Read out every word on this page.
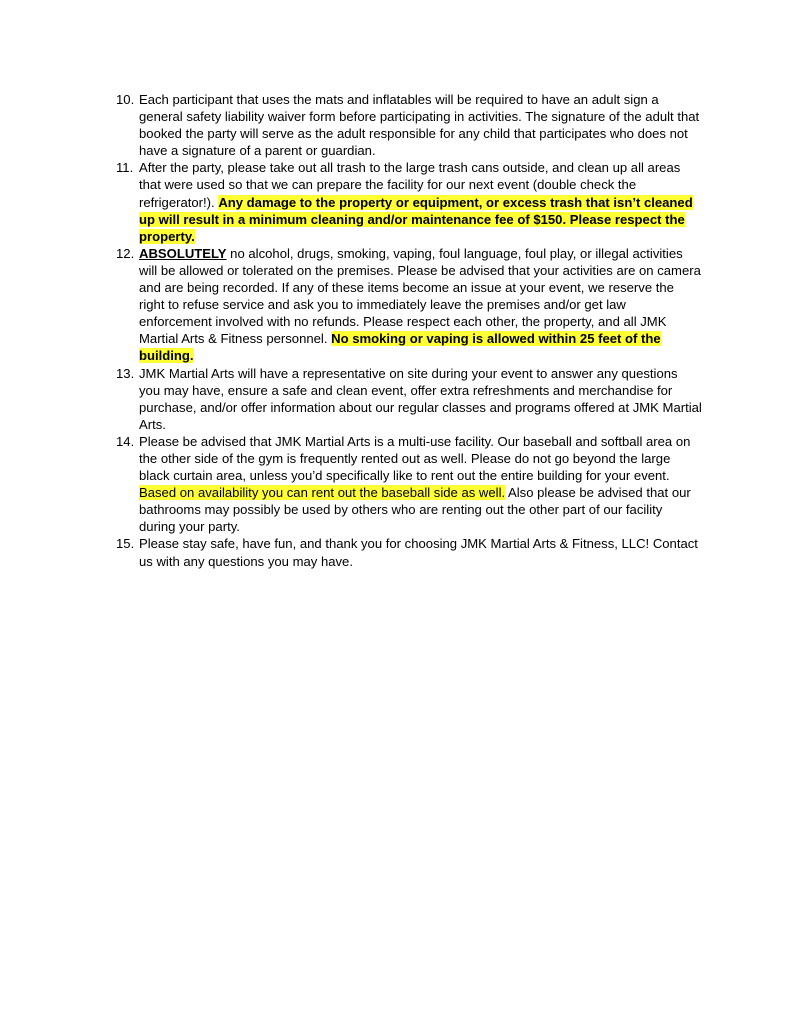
10. Each participant that uses the mats and inflatables will be required to have an adult sign a general safety liability waiver form before participating in activities. The signature of the adult that booked the party will serve as the adult responsible for any child that participates who does not have a signature of a parent or guardian.
11. After the party, please take out all trash to the large trash cans outside, and clean up all areas that were used so that we can prepare the facility for our next event (double check the refrigerator!). Any damage to the property or equipment, or excess trash that isn’t cleaned up will result in a minimum cleaning and/or maintenance fee of $150. Please respect the property.
12. ABSOLUTELY no alcohol, drugs, smoking, vaping, foul language, foul play, or illegal activities will be allowed or tolerated on the premises. Please be advised that your activities are on camera and are being recorded. If any of these items become an issue at your event, we reserve the right to refuse service and ask you to immediately leave the premises and/or get law enforcement involved with no refunds. Please respect each other, the property, and all JMK Martial Arts & Fitness personnel. No smoking or vaping is allowed within 25 feet of the building.
13. JMK Martial Arts will have a representative on site during your event to answer any questions you may have, ensure a safe and clean event, offer extra refreshments and merchandise for purchase, and/or offer information about our regular classes and programs offered at JMK Martial Arts.
14. Please be advised that JMK Martial Arts is a multi-use facility. Our baseball and softball area on the other side of the gym is frequently rented out as well. Please do not go beyond the large black curtain area, unless you’d specifically like to rent out the entire building for your event. Based on availability you can rent out the baseball side as well. Also please be advised that our bathrooms may possibly be used by others who are renting out the other part of our facility during your party.
15. Please stay safe, have fun, and thank you for choosing JMK Martial Arts & Fitness, LLC! Contact us with any questions you may have.
